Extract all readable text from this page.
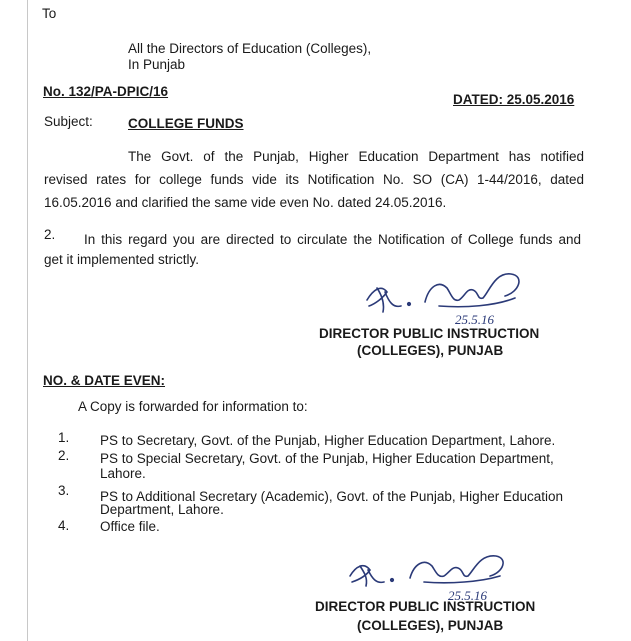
To
All the Directors of Education (Colleges),
In Punjab
No. 132/PA-DPIC/16
DATED: 25.05.2016
Subject:	COLLEGE FUNDS
The Govt. of the Punjab, Higher Education Department has notified
revised rates for college funds vide its Notification No. SO (CA) 1-44/2016, dated
16.05.2016 and clarified the same vide even No. dated 24.05.2016.
2. In this regard you are directed to circulate the Notification of College funds and
get it implemented strictly.
25.5.16
DIRECTOR PUBLIC INSTRUCTION
(COLLEGES), PUNJAB
NO. & DATE EVEN:
A Copy is forwarded for information to:
1. PS to Secretary, Govt. of the Punjab, Higher Education Department, Lahore.
2. PS to Special Secretary, Govt. of the Punjab, Higher Education Department,
Lahore.
3. PS to Additional Secretary (Academic), Govt. of the Punjab, Higher Education
Department, Lahore.
4. Office file.
25.5.16
DIRECTOR PUBLIC INSTRUCTION
(COLLEGES), PUNJAB
